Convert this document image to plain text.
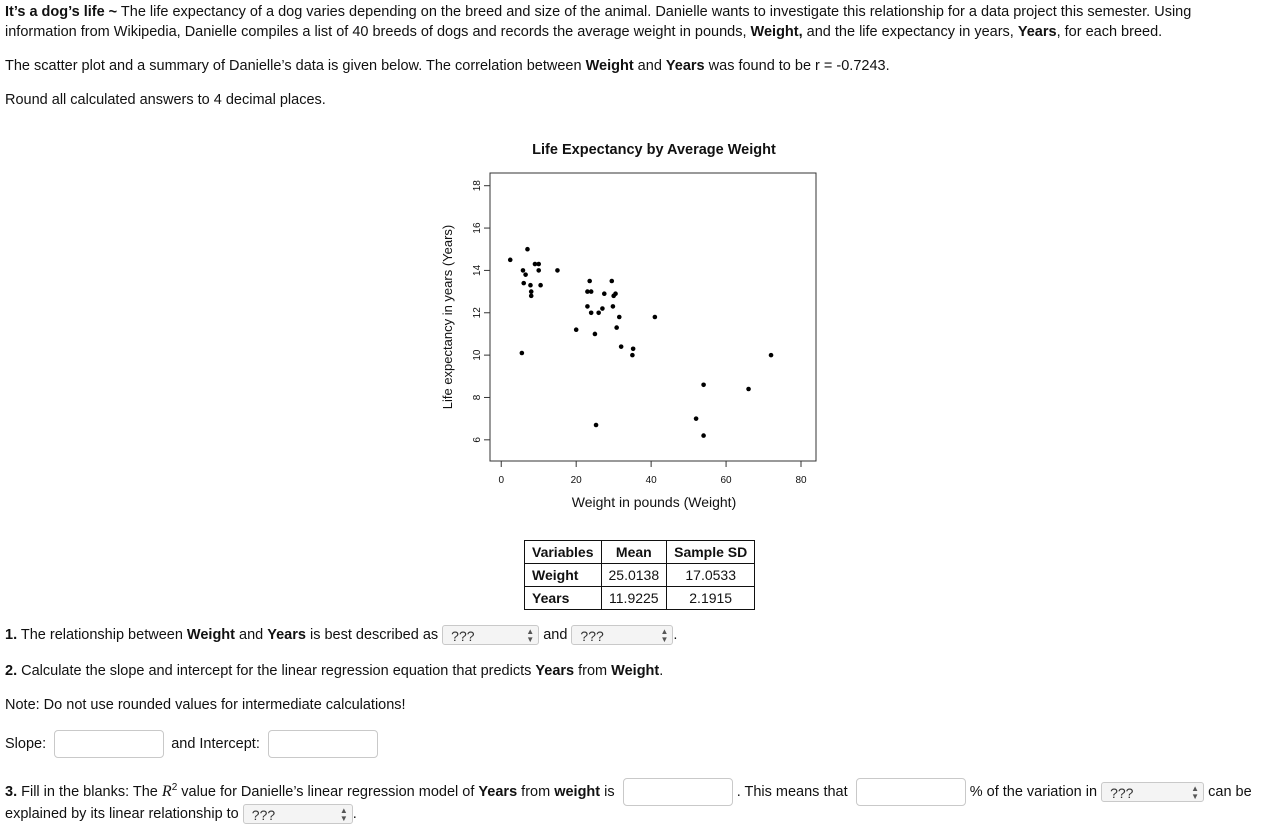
It’s a dog’s life ~ The life expectancy of a dog varies depending on the breed and size of the animal. Danielle wants to investigate this relationship for a data project this semester. Using information from Wikipedia, Danielle compiles a list of 40 breeds of dogs and records the average weight in pounds, Weight, and the life expectancy in years, Years, for each breed.

The scatter plot and a summary of Danielle’s data is given below. The correlation between Weight and Years was found to be r = -0.7243.

Round all calculated answers to 4 decimal places.

Life Expectancy by Average Weight
6
8
10
12
14
16
18
0	20	40	60	80
Weight in pounds (Weight)
Life expectancy in years (Years)
Variables	Mean	Sample SD
Weight	25.0138	17.0533
Years	11.9225	2.1915
1. The relationship between Weight and Years is best described as ???	▲
▼ and ???	▲
▼ .
2. Calculate the slope and intercept for the linear regression equation that predicts Years from Weight.
Note: Do not use rounded values for intermediate calculations!
Slope:	and Intercept:
3. Fill in the blanks: The $R^2$ value for Danielle’s linear regression model of Years from weight is	. This means that	% of the variation in ???	▲
▼ can be
explained by its linear relationship to ???	▲
▼ .
